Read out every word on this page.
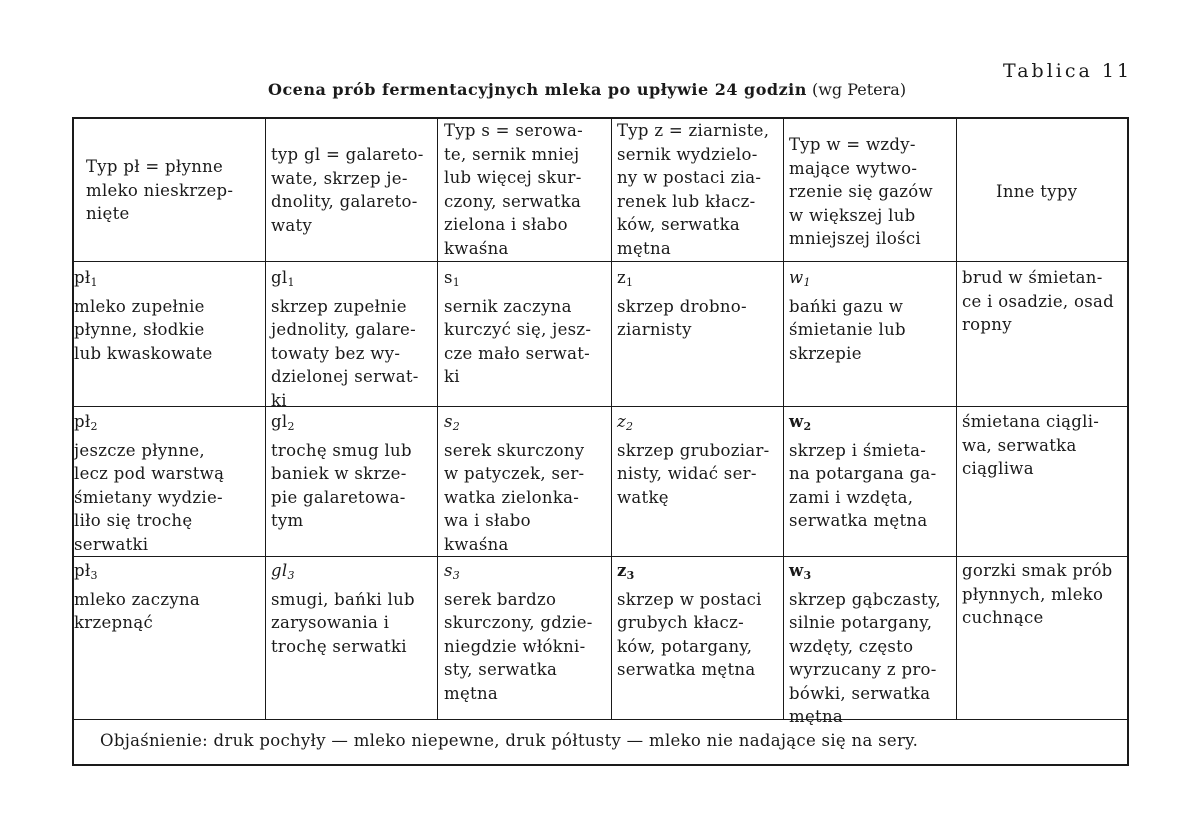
Tablica 11
Ocena prób fermentacyjnych mleka po upływie 24 godzin (wg Petera)
Typ pł = płynne
mleko nieskrzep-
nięte
typ gl = galareto-
wate, skrzep je-
dnolity, galareto-
waty
Typ s = serowa-
te, sernik mniej
lub więcej skur-
czony, serwatka
zielona i słabo
kwaśna
Typ z = ziarniste,
sernik wydzielo-
ny w postaci zia-
renek lub kłacz-
ków, serwatka
mętna
Typ w = wzdy-
mające wytwo-
rzenie się gazów
w większej lub
mniejszej ilości
Inne typy
$pł_1$
mleko zupełnie
płynne, słodkie
lub kwaskowate
$gl_1$
skrzep zupełnie
jednolity, galare-
towaty bez wy-
dzielonej serwat-
ki
$s_1$
sernik zaczyna
kurczyć się, jesz-
cze mało serwat-
ki
$z_1$
skrzep drobno-
ziarnisty
$w_1$
bańki gazu w
śmietanie lub
skrzepie
brud w śmietan-
ce i osadzie, osad
ropny
$pł_2$
jeszcze płynne,
lecz pod warstwą
śmietany wydzie-
liło się trochę
serwatki
$gl_2$
trochę smug lub
baniek w skrze-
pie galaretowa-
tym
$s_2$
serek skurczony
w patyczek, ser-
watka zielonka-
wa i słabo
kwaśna
$z_2$
skrzep gruboziar-
nisty, widać ser-
watkę
$w_2$
skrzep i śmieta-
na potargana ga-
zami i wzdęta,
serwatka mętna
śmietana ciągli-
wa, serwatka
ciągliwa
$pł_3$
mleko zaczyna
krzepnąć
$gl_3$
smugi, bańki lub
zarysowania i
trochę serwatki
$s_3$
serek bardzo
skurczony, gdzie-
niegdzie włókni-
sty, serwatka
mętna
$z_3$
skrzep w postaci
grubych kłacz-
ków, potargany,
serwatka mętna
$w_3$
skrzep gąbczasty,
silnie potargany,
wzdęty, często
wyrzucany z pro-
bówki, serwatka
mętna
gorzki smak prób
płynnych, mleko
cuchnące
Objaśnienie: druk pochyły — mleko niepewne, druk półtusty — mleko nie nadające się na sery.
